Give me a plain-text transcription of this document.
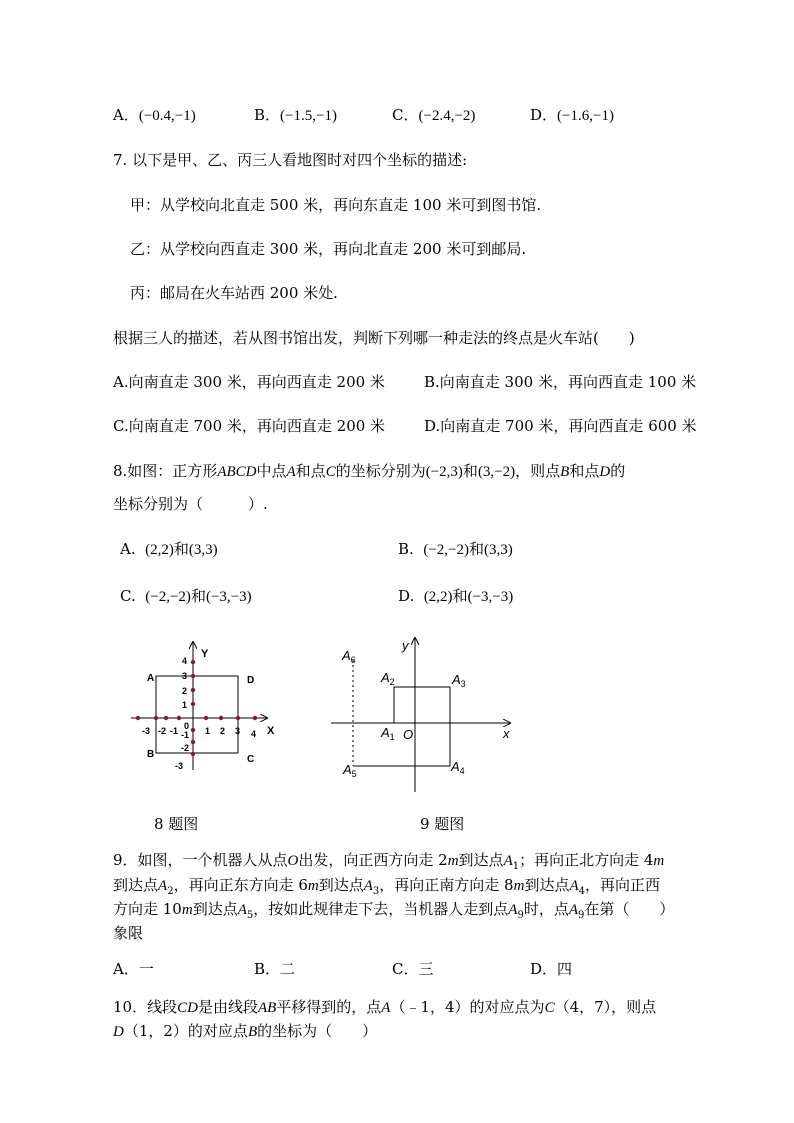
A．(−0.4,−1)	B．(−1.5,−1)	C．(−2.4,−2)	D．(−1.6,−1)
7. 以下是甲、乙、丙三人看地图时对四个坐标的描述:
甲：从学校向北直走 500 米，再向东直走 100 米可到图书馆.
乙：从学校向西直走 300 米，再向北直走 200 米可到邮局.
丙：邮局在火车站西 200 米处.
根据三人的描述，若从图书馆出发，判断下列哪一种走法的终点是火车站(　　)
A.向南直走 300 米，再向西直走 200 米	B.向南直走 300 米，再向西直走 100 米
C.向南直走 700 米，再向西直走 200 米	D.向南直走 700 米，再向西直走 600 米
8.如图：正方形ABCD中点A和点C的坐标分别为(−2,3)和(3,−2)，则点B和点D的
坐标分别为（　　　）.
A. (2,2)和(3,3)	B. (−2,−2)和(3,3)
C. (−2,−2)和(−3,−3)	D. (2,2)和(−3,−3)
Y
X
A	D
B	C
4
3
2
1
0
-1
-2
-3
-3 -2 -1	1 2 3 4
y
x
O
$A_6$
$A_2$	$A_3$
$A_1$
$A_5$	$A_4$
8 题图	9 题图
9．如图，一个机器人从点O出发，向正西方向走 2m到达点$A_1$；再向正北方向走 4m
到达点$A_2$，再向正东方向走 6m到达点$A_3$，再向正南方向走 8m到达点$A_4$，再向正西
方向走 10m到达点$A_5$，按如此规律走下去，当机器人走到点$A_9$时，点$A_9$在第（　　）
象限
A．一	B．二	C．三	D．四
10．线段CD是由线段AB平移得到的，点A（﹣1，4）的对应点为C（4，7），则点
D（1，2）的对应点B的坐标为（　　）
